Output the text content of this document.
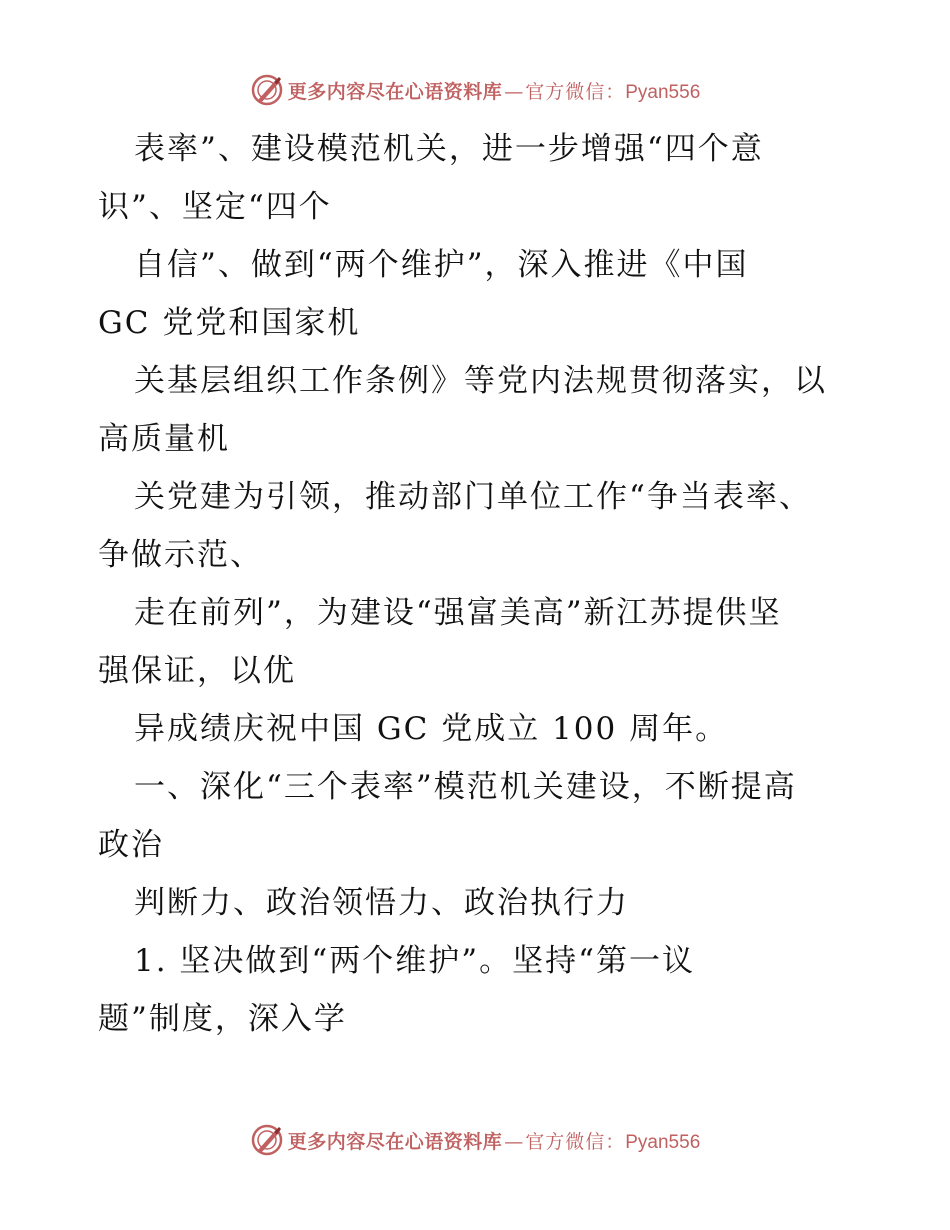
更多内容尽在心语资料库 — 官方微信： Pyan556
表率”、建设模范机关，进一步增强“四个意
识”、坚定“四个
自信”、做到“两个维护”，深入推进《中国
GC 党党和国家机
关基层组织工作条例》等党内法规贯彻落实，以
高质量机
关党建为引领，推动部门单位工作“争当表率、
争做示范、
走在前列”，为建设“强富美高”新江苏提供坚
强保证，以优
异成绩庆祝中国 GC 党成立 100 周年。
一、深化“三个表率”模范机关建设，不断提高
政治
判断力、政治领悟力、政治执行力
1. 坚决做到“两个维护”。坚持“第一议
题”制度，深入学
更多内容尽在心语资料库 — 官方微信： Pyan556
